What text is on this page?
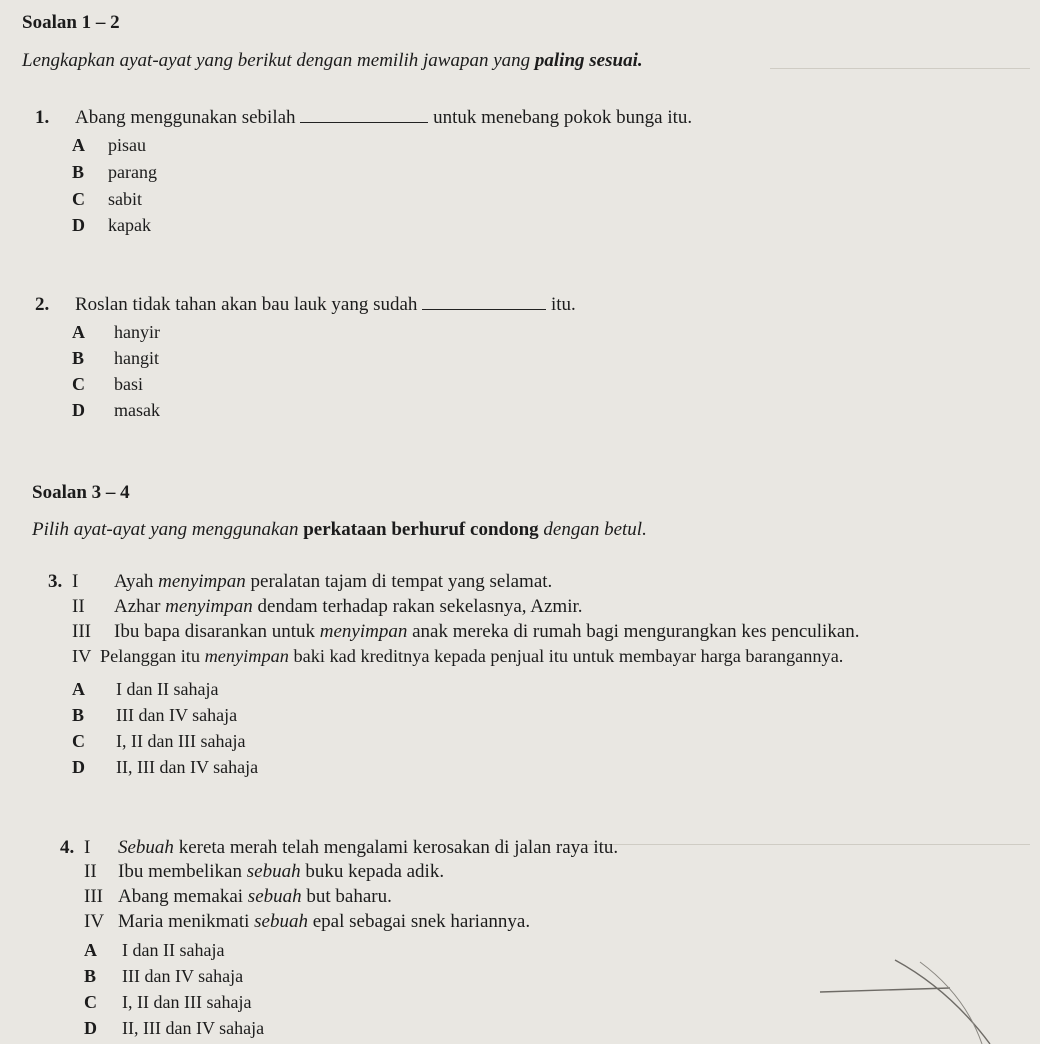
Soalan 1 – 2
Lengkapkan ayat-ayat yang berikut dengan memilih jawapan yang paling sesuai.
1. Abang menggunakan sebilah	untuk menebang pokok bunga itu.
A pisau
B parang
C sabit
D kapak
2. Roslan tidak tahan akan bau lauk yang sudah	itu.
A hanyir
B hangit
C basi
D masak
Soalan 3 – 4
Pilih ayat-ayat yang menggunakan perkataan berhuruf condong dengan betul.
3. I Ayah menyimpan peralatan tajam di tempat yang selamat.
II Azhar menyimpan dendam terhadap rakan sekelasnya, Azmir.
III Ibu bapa disarankan untuk menyimpan anak mereka di rumah bagi mengurangkan kes penculikan.
IV Pelanggan itu menyimpan baki kad kreditnya kepada penjual itu untuk membayar harga barangannya.
A I dan II sahaja
B III dan IV sahaja
C I, II dan III sahaja
D II, III dan IV sahaja
4. I Sebuah kereta merah telah mengalami kerosakan di jalan raya itu.
II Ibu membelikan sebuah buku kepada adik.
III Abang memakai sebuah but baharu.
IV Maria menikmati sebuah epal sebagai snek hariannya.
A I dan II sahaja
B III dan IV sahaja
C I, II dan III sahaja
D II, III dan IV sahaja
